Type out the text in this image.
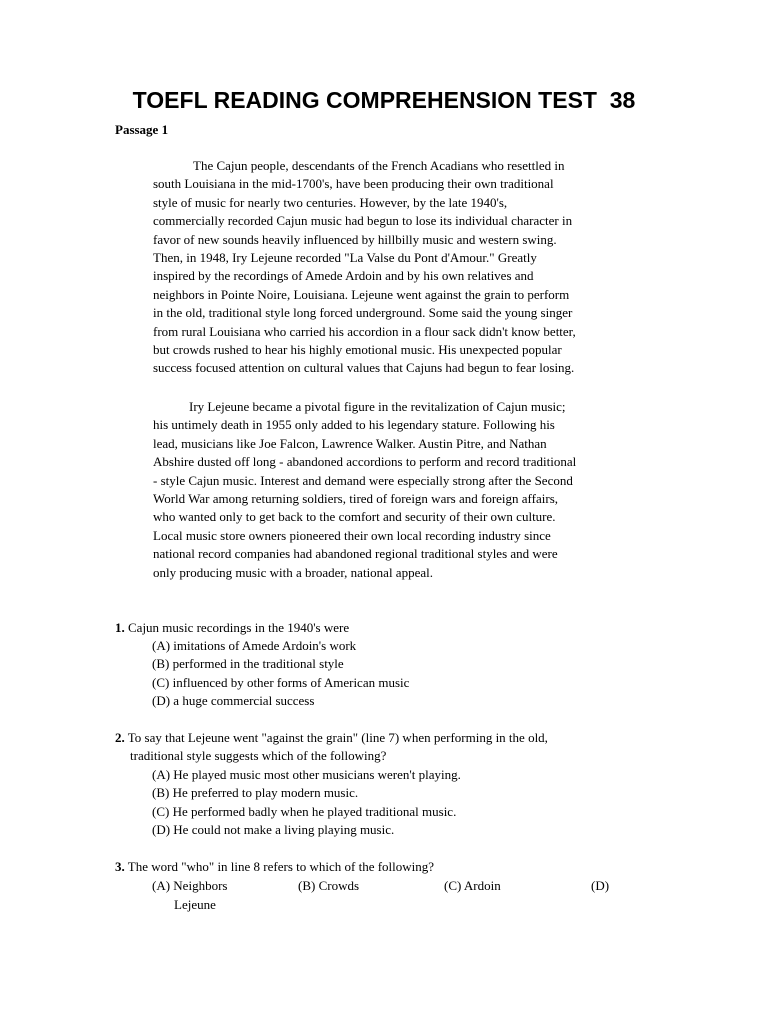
TOEFL READING COMPREHENSION TEST  38
Passage 1
The Cajun people, descendants of the French Acadians who resettled in
south Louisiana in the mid-1700's, have been producing their own traditional
style of music for nearly two centuries. However, by the late 1940's,
commercially recorded Cajun music had begun to lose its individual character in
favor of new sounds heavily influenced by hillbilly music and western swing.
Then, in 1948, Iry Lejeune recorded "La Valse du Pont d'Amour." Greatly
inspired by the recordings of Amede Ardoin and by his own relatives and
neighbors in Pointe Noire, Louisiana. Lejeune went against the grain to perform
in the old, traditional style long forced underground. Some said the young singer
from rural Louisiana who carried his accordion in a flour sack didn't know better,
but crowds rushed to hear his highly emotional music. His unexpected popular
success focused attention on cultural values that Cajuns had begun to fear losing.
Iry Lejeune became a pivotal figure in the revitalization of Cajun music;
his untimely death in 1955 only added to his legendary stature. Following his
lead, musicians like Joe Falcon, Lawrence Walker. Austin Pitre, and Nathan
Abshire dusted off long - abandoned accordions to perform and record traditional
- style Cajun music. Interest and demand were especially strong after the Second
World War among returning soldiers, tired of foreign wars and foreign affairs,
who wanted only to get back to the comfort and security of their own culture.
Local music store owners pioneered their own local recording industry since
national record companies had abandoned regional traditional styles and were
only producing music with a broader, national appeal.
1. Cajun music recordings in the 1940's were
(A) imitations of Amede Ardoin's work
(B) performed in the traditional style
(C) influenced by other forms of American music
(D) a huge commercial success
2. To say that Lejeune went "against the grain" (line 7) when performing in the old,
traditional style suggests which of the following?
(A) He played music most other musicians weren't playing.
(B) He preferred to play modern music.
(C) He performed badly when he played traditional music.
(D) He could not make a living playing music.
3. The word "who" in line 8 refers to which of the following?
(A) Neighbors	(B) Crowds	(C) Ardoin	(D)
Lejeune
